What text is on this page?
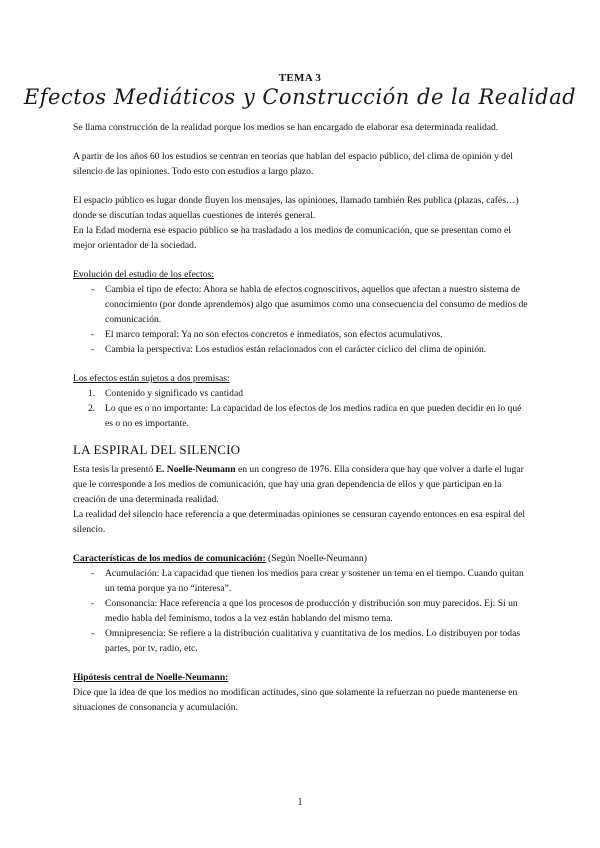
TEMA 3
Efectos Mediáticos y Construcción de la Realidad

Se llama construcción de la realidad porque los medios se han encargado de elaborar esa determinada realidad.

A partir de los años 60 los estudios se centran en teorías que hablan del espacio público, del clima de opinión y del silencio de las opiniones. Todo esto con estudios a largo plazo.

El espacio público es lugar donde fluyen los mensajes, las opiniones, llamado también Res publica (plazas, cafés…) donde se discutían todas aquellas cuestiones de interés general.

En la Edad moderna ese espacio público se ha trasladado a los medios de comunicación, que se presentan como el mejor orientador de la sociedad.

Evolución del estudio de los efectos:

- Cambia el tipo de efecto: Ahora se habla de efectos cognoscitivos, aquellos que afectan a nuestro sistema de conocimiento (por donde aprendemos) algo que asumimos como una consecuencia del consumo de medios de comunicación.
- El marco temporal: Ya no son efectos concretos e inmediatos, son efectos acumulativos.
- Cambia la perspectiva: Los estudios están relacionados con el carácter cíclico del clima de opinión.

Los efectos están sujetos a dos premisas:

1. Contenido y significado vs cantidad
2. Lo que es o no importante: La capacidad de los efectos de los medios radica en que pueden decidir en lo qué es o no es importante.
LA ESPIRAL DEL SILENCIO

Esta tesis la presentó E. Noelle-Neumann en un congreso de 1976. Ella considera que hay que volver a darle el lugar que le corresponde a los medios de comunicación, que hay una gran dependencia de ellos y que participan en la creación de una determinada realidad.

La realidad del silencio hace referencia a que determinadas opiniones se censuran cayendo entonces en esa espiral del silencio.

Características de los medios de comunicación: (Según Noelle-Neumann)

- Acumulación: La capacidad que tienen los medios para crear y sostener un tema en el tiempo. Cuando quitan un tema porque ya no “interesa”.
- Consonancia: Hace referencia a que los procesos de producción y distribución son muy parecidos. Ej: Si un medio habla del feminismo, todos a la vez están hablando del mismo tema.
- Omnipresencia: Se refiere a la distribución cualitativa y cuantitativa de los medios. Lo distribuyen por todas partes, por tv, radio, etc.

Hipótesis central de Noelle-Neumann:

Dice que la idea de que los medios no modifican actitudes, sino que solamente la refuerzan no puede mantenerse en situaciones de consonancia y acumulación.

1
